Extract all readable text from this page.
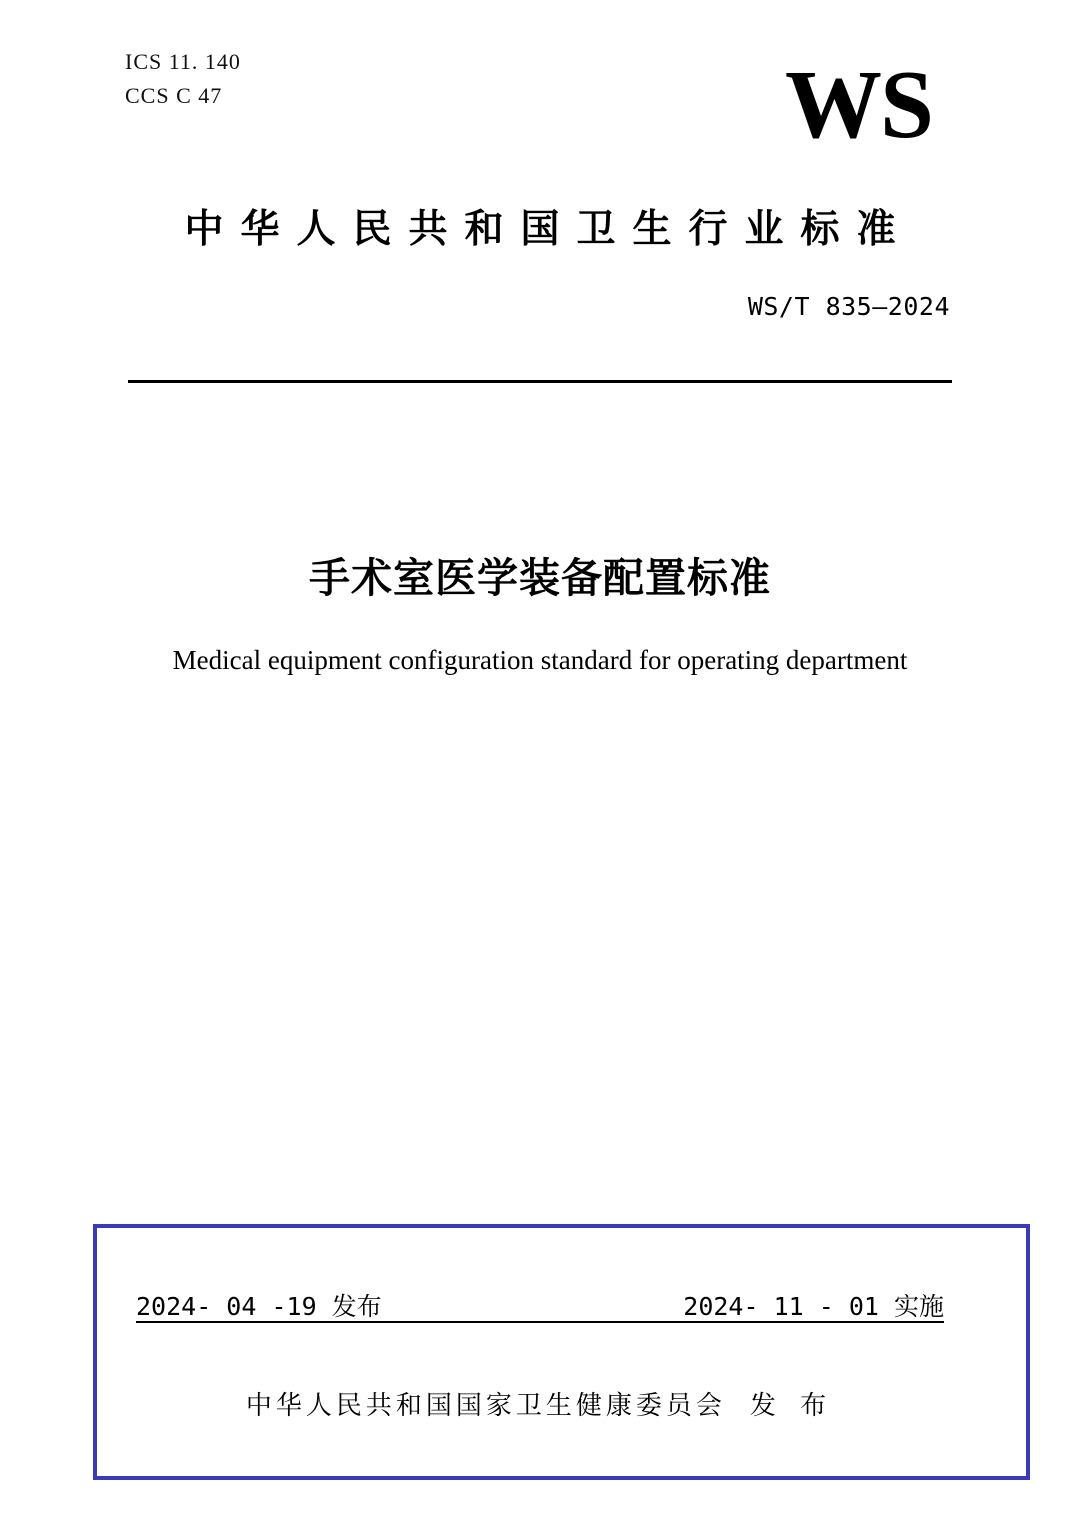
ICS 11. 140
CCS C 47	WS
中华人民共和国卫生行业标准
WS/T 835—2024
手术室医学装备配置标准
Medical equipment configuration standard for operating department
2024- 04 -19 发布	2024- 11 - 01 实施
中华人民共和国国家卫生健康委员会 发 布
